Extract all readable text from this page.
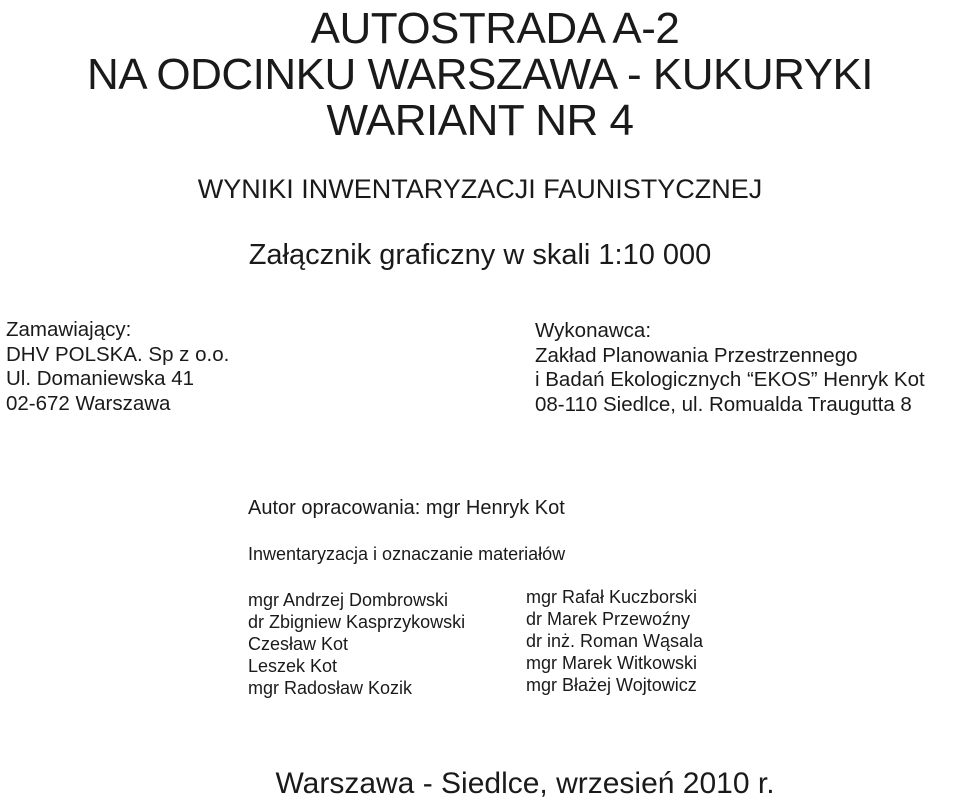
AUTOSTRADA A-2
NA ODCINKU WARSZAWA - KUKURYKI
WARIANT NR 4
WYNIKI INWENTARYZACJI FAUNISTYCZNEJ
Załącznik graficzny w skali 1:10 000
Zamawiający:
DHV POLSKA. Sp z o.o.
Ul. Domaniewska 41
02-672 Warszawa
Wykonawca:
Zakład Planowania Przestrzennego
i Badań Ekologicznych “EKOS” Henryk Kot
08-110 Siedlce, ul. Romualda Traugutta 8
Autor opracowania: mgr Henryk Kot
Inwentaryzacja i oznaczanie materiałów
mgr Andrzej Dombrowski
dr Zbigniew Kasprzykowski
Czesław Kot
Leszek Kot
mgr Radosław Kozik
mgr Rafał Kuczborski
dr Marek Przewoźny
dr inż. Roman Wąsala
mgr Marek Witkowski
mgr Błażej Wojtowicz
Warszawa - Siedlce, wrzesień 2010 r.
